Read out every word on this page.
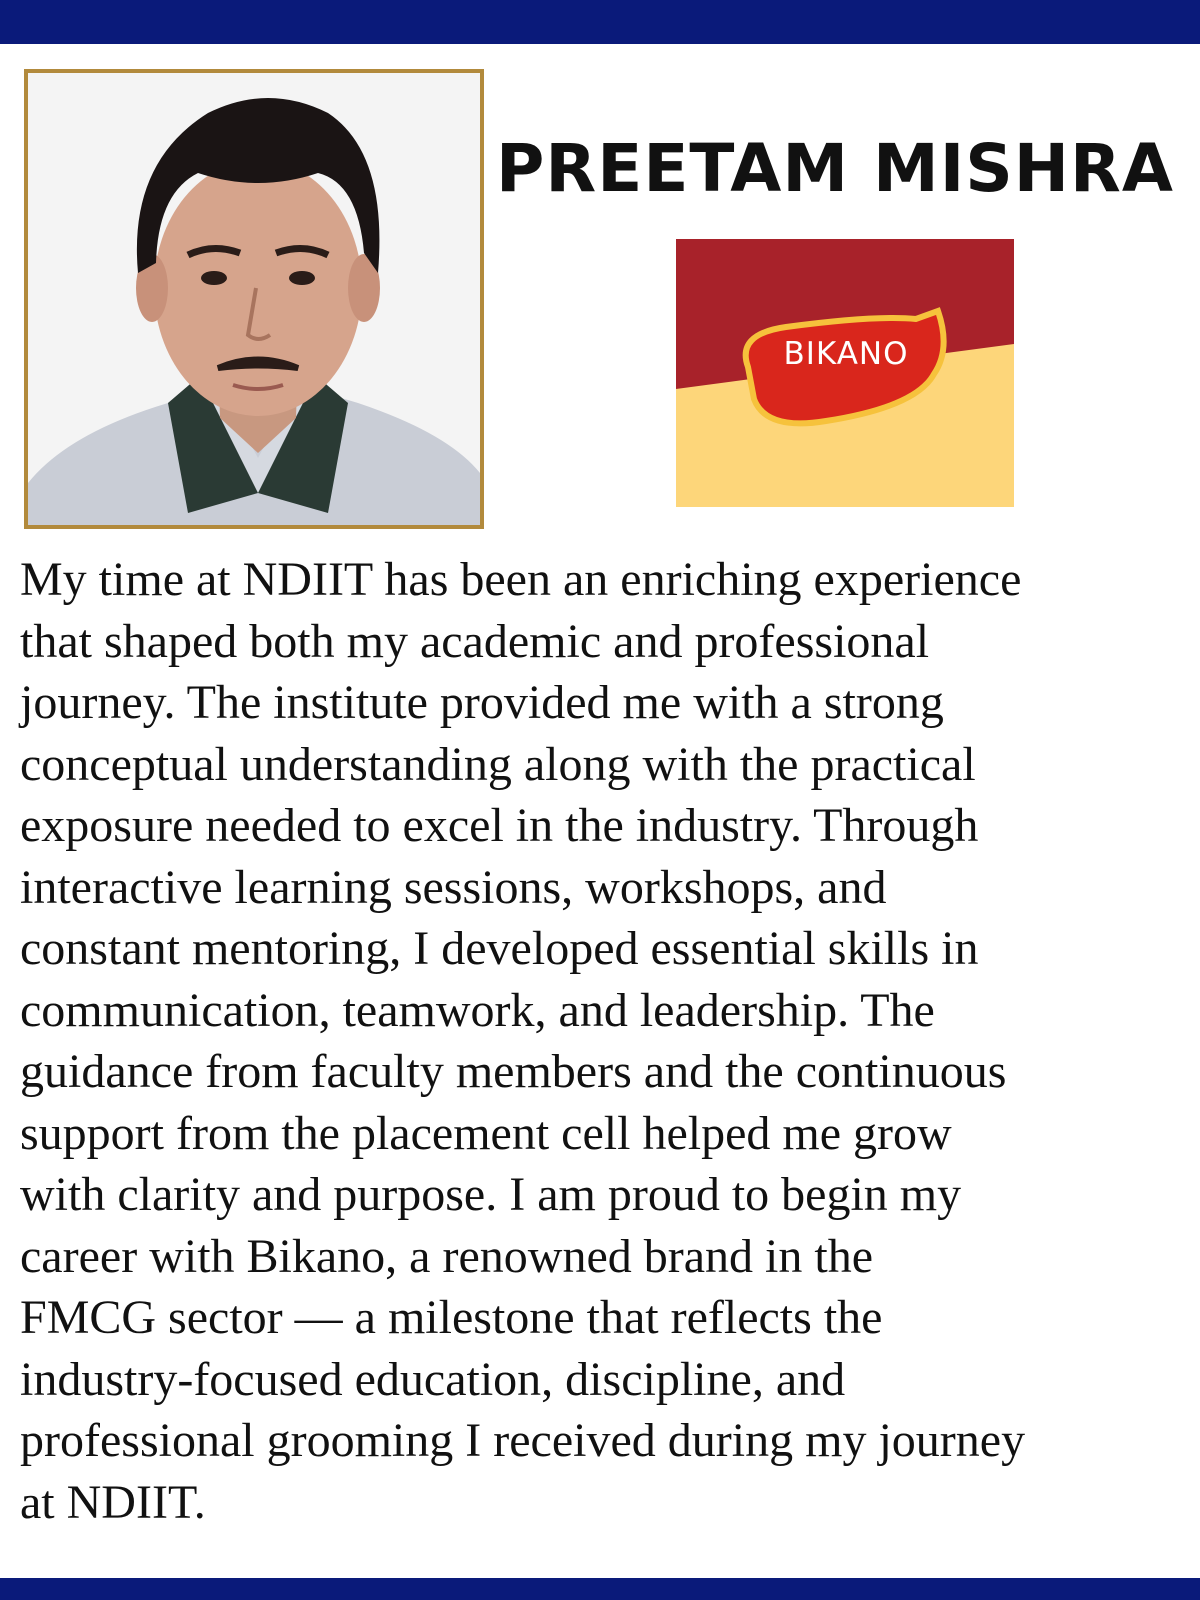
PREETAM MISHRA
BIKANO
My time at NDIIT has been an enriching experience
that shaped both my academic and professional
journey. The institute provided me with a strong
conceptual understanding along with the practical
exposure needed to excel in the industry. Through
interactive learning sessions, workshops, and
constant mentoring, I developed essential skills in
communication, teamwork, and leadership. The
guidance from faculty members and the continuous
support from the placement cell helped me grow
with clarity and purpose. I am proud to begin my
career with Bikano, a renowned brand in the
FMCG sector — a milestone that reflects the
industry-focused education, discipline, and
professional grooming I received during my journey
at NDIIT.
